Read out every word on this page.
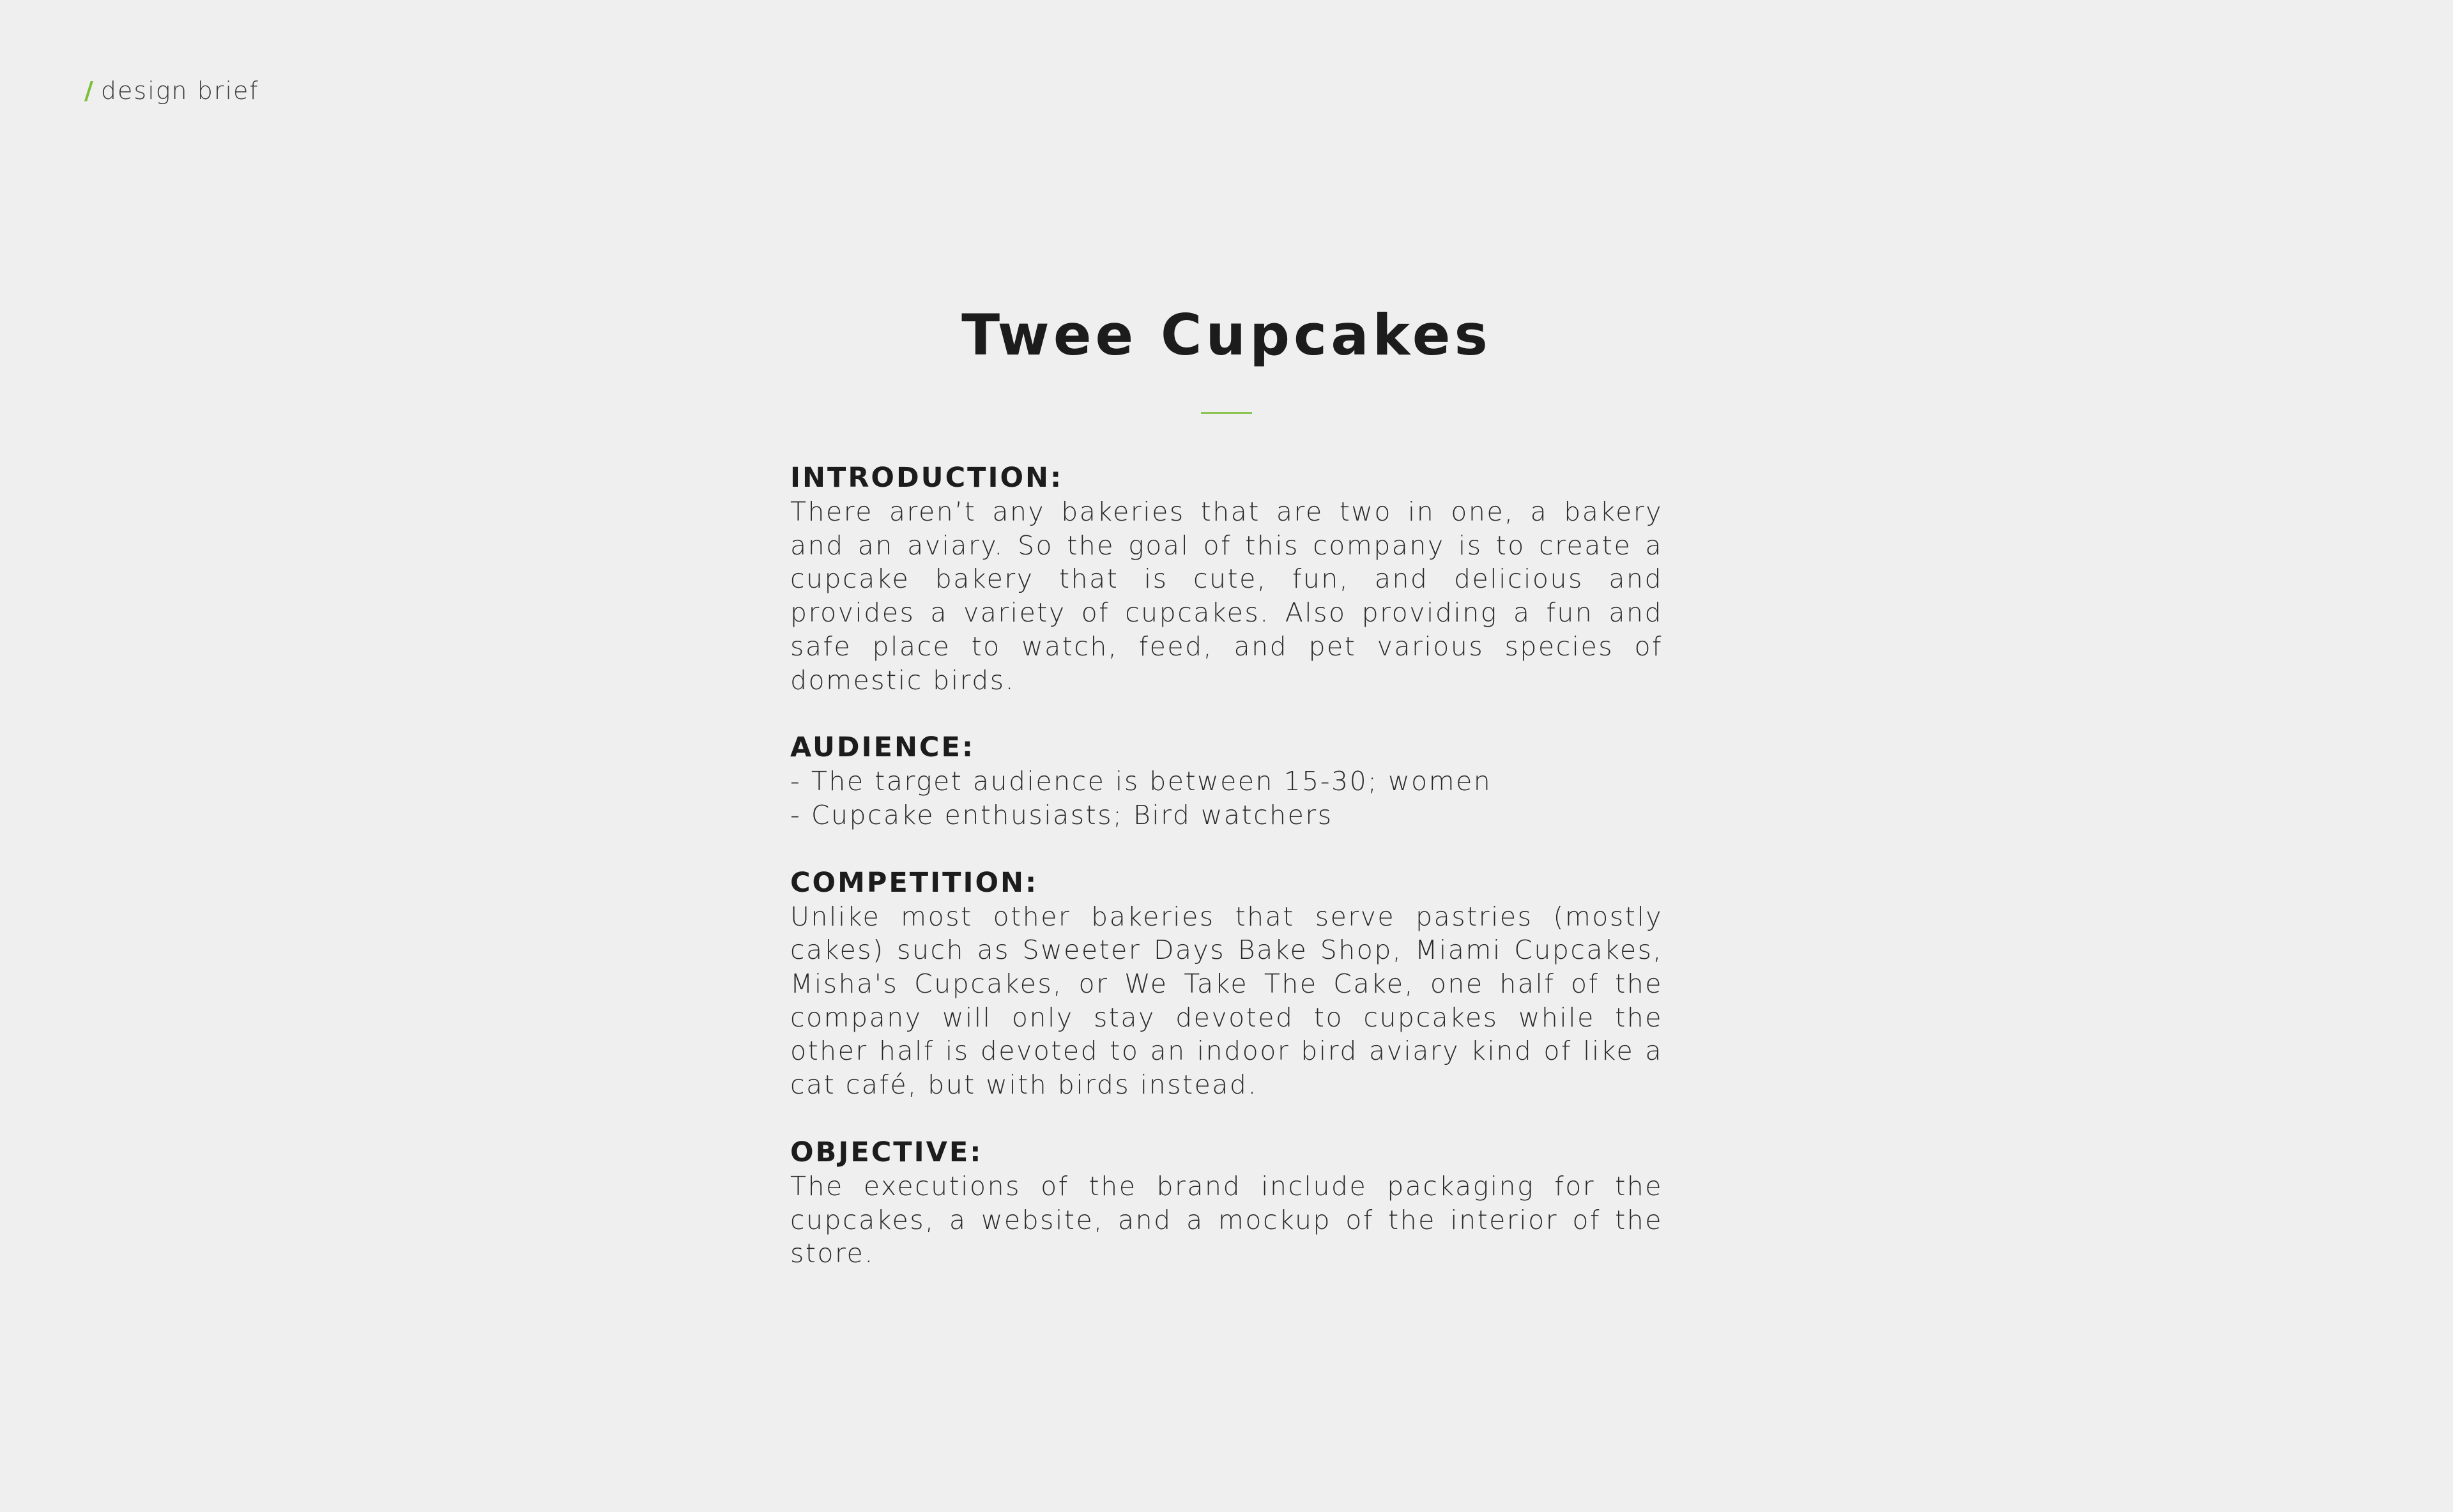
/ design brief
Twee Cupcakes
INTRODUCTION:
There aren’t any bakeries that are two in one, a bakery and an aviary. So the goal of this company is to create a cupcake bakery that is cute, fun, and delicious and provides a variety of cupcakes. Also providing a fun and safe place to watch, feed, and pet various species of domestic birds.
AUDIENCE:
- The target audience is between 15-30; women
- Cupcake enthusiasts; Bird watchers
COMPETITION:
Unlike most other bakeries that serve pastries (mostly cakes) such as Sweeter Days Bake Shop, Miami Cupcakes, Misha's Cupcakes, or We Take The Cake, one half of the company will only stay devoted to cupcakes while the other half is devoted to an indoor bird aviary kind of like a cat café, but with birds instead.
OBJECTIVE:
The executions of the brand include packaging for the cupcakes, a website, and a mockup of the interior of the store.
